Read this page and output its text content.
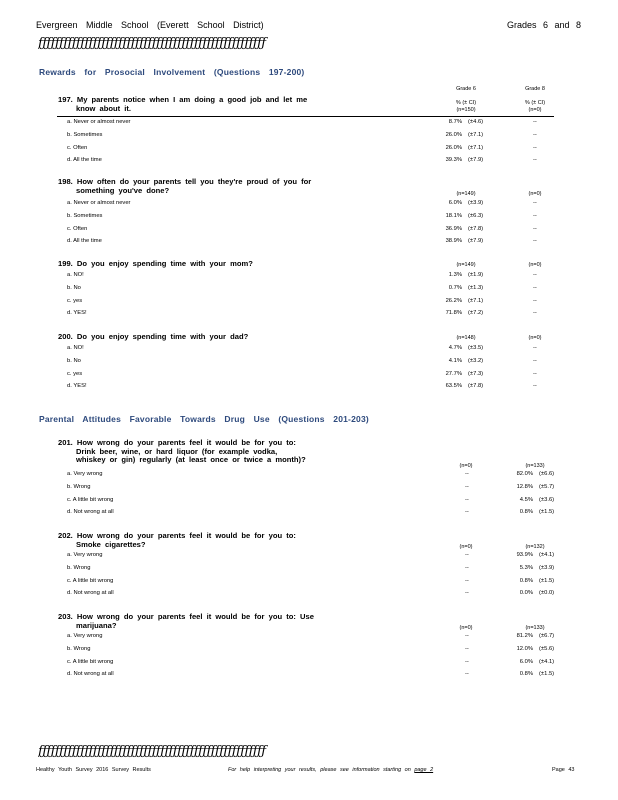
Evergreen Middle School (Everett School District)	Grades 6 and 8
ƒƒƒƒƒƒƒƒƒƒƒƒƒƒƒƒƒƒƒƒƒƒƒƒƒƒƒƒƒƒƒƒƒƒƒƒƒƒƒƒƒƒƒƒƒƒƒƒƒƒƒƒƒƒ
Rewards for Prosocial Involvement (Questions 197-200)
Grade 6	Grade 8
% (± CI)	% (± CI)
197. My parents notice when I am doing a good job and let me
know about it.	(n=150)	(n=0)
a. Never or almost never	8.7% (±4.6)	--
b. Sometimes	26.0% (±7.1)	--
c. Often	26.0% (±7.1)	--
d. All the time	39.3% (±7.9)	--
198. How often do your parents tell you they're proud of you for
something you've done?	(n=149)	(n=0)
a. Never or almost never	6.0% (±3.9)	--
b. Sometimes	18.1% (±6.3)	--
c. Often	36.9% (±7.8)	--
d. All the time	38.9% (±7.9)	--
199. Do you enjoy spending time with your mom?	(n=149)	(n=0)
a. NO!	1.3% (±1.9)	--
b. No	0.7% (±1.3)	--
c. yes	26.2% (±7.1)	--
d. YES!	71.8% (±7.2)	--
200. Do you enjoy spending time with your dad?	(n=148)	(n=0)
a. NO!	4.7% (±3.5)	--
b. No	4.1% (±3.2)	--
c. yes	27.7% (±7.3)	--
d. YES!	63.5% (±7.8)	--
Parental Attitudes Favorable Towards Drug Use (Questions 201-203)
201. How wrong do your parents feel it would be for you to:
Drink beer, wine, or hard liquor (for example vodka,
whiskey or gin) regularly (at least once or twice a month)?
(n=0)	(n=133)
a. Very wrong	--	82.0% (±6.6)
b. Wrong	--	12.8% (±5.7)
c. A little bit wrong	--	4.5% (±3.6)
d. Not wrong at all	--	0.8% (±1.5)
202. How wrong do your parents feel it would be for you to:
Smoke cigarettes?	(n=0)	(n=132)
a. Very wrong	--	93.9% (±4.1)
b. Wrong	--	5.3% (±3.9)
c. A little bit wrong	--	0.8% (±1.5)
d. Not wrong at all	--	0.0% (±0.0)
203. How wrong do your parents feel it would be for you to: Use
marijuana?	(n=0)	(n=133)
a. Very wrong	--	81.2% (±6.7)
b. Wrong	--	12.0% (±5.6)
c. A little bit wrong	--	6.0% (±4.1)
d. Not wrong at all	--	0.8% (±1.5)
ƒƒƒƒƒƒƒƒƒƒƒƒƒƒƒƒƒƒƒƒƒƒƒƒƒƒƒƒƒƒƒƒƒƒƒƒƒƒƒƒƒƒƒƒƒƒƒƒƒƒƒƒƒƒ
Healthy Youth Survey 2016 Survey Results	For help interpreting your results, please see information starting on page 2	Page 43
